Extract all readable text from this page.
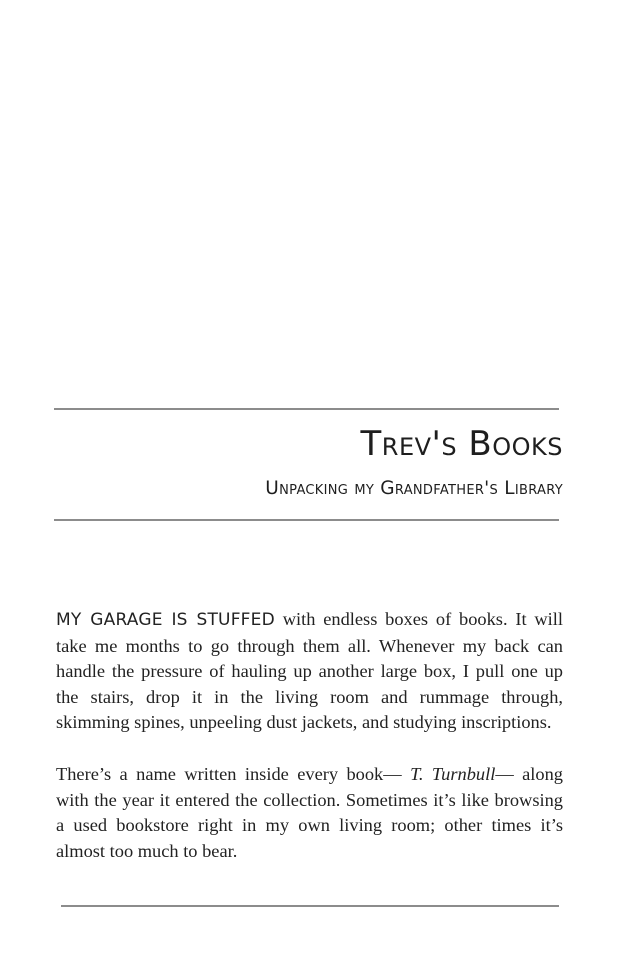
Trev's Books
Unpacking my Grandfather's Library

MY GARAGE IS STUFFED with endless boxes of books. It will take me months to go through them all. Whenever my back can handle the pressure of hauling up another large box, I pull one up the stairs, drop it in the living room and rummage through, skimming spines, unpeeling dust jackets, and studying inscriptions.

There’s a name written inside every book— T. Turnbull— along with the year it entered the collection. Sometimes it’s like browsing a used bookstore right in my own living room; other times it’s almost too much to bear.
